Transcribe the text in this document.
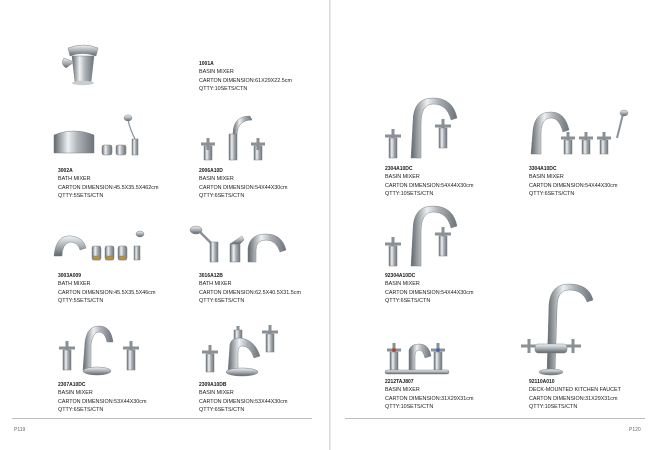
1001A
BASIN MIXER
CARTON DIMENSION:61X29X22.5cm
QTTY:10SETS/CTN
3002A
BATH MIXER
CARTON DIMENSION:45.5X35.5X462cm
QTTY:5SETS/CTN
2006A10D
BASIN MIXER
CARTON DIMENSION:54X44X30cm
QTTY:6SETS/CTN
3003A009
BATH MIXER
CARTON DIMENSION:45.5X35.5X46cm
QTTY:5SETS/CTN
3016A12B
BATH MIXER
CARTON DIMENSION:62.5X40.5X31.5cm
QTTY:6SETS/CTN
2307A10DC
BASIN MIXER
CARTON DIMENSION:53X44X30cm
QTTY:6SETS/CTN
2309A10DB
BASIN MIXER
CARTON DIMENSION:53X44X30cm
QTTY:6SETS/CTN
P119
2304A10DC
BASIN MIXER
CARTON DIMENSION:54X44X30cm
QTTY:10SETS/CTN
3304A10DC
BASIN MIXER
CARTON DIMENSION:54X44X30cm
QTTY:6SETS/CTN
92304A10DC
BASIN MIXER
CARTON DIMENSION:54X44X30cm
QTTY:6SETS/CTN
2212TAJ807
BASIN MIXER
CARTON DIMENSION:31X29X31cm
QTTY:10SETS/CTN
92110A010
DECK-MOUNTED KITCHEN FAUCET
CARTON DIMENSION:31X29X31cm
QTTY:10SETS/CTN
P120
